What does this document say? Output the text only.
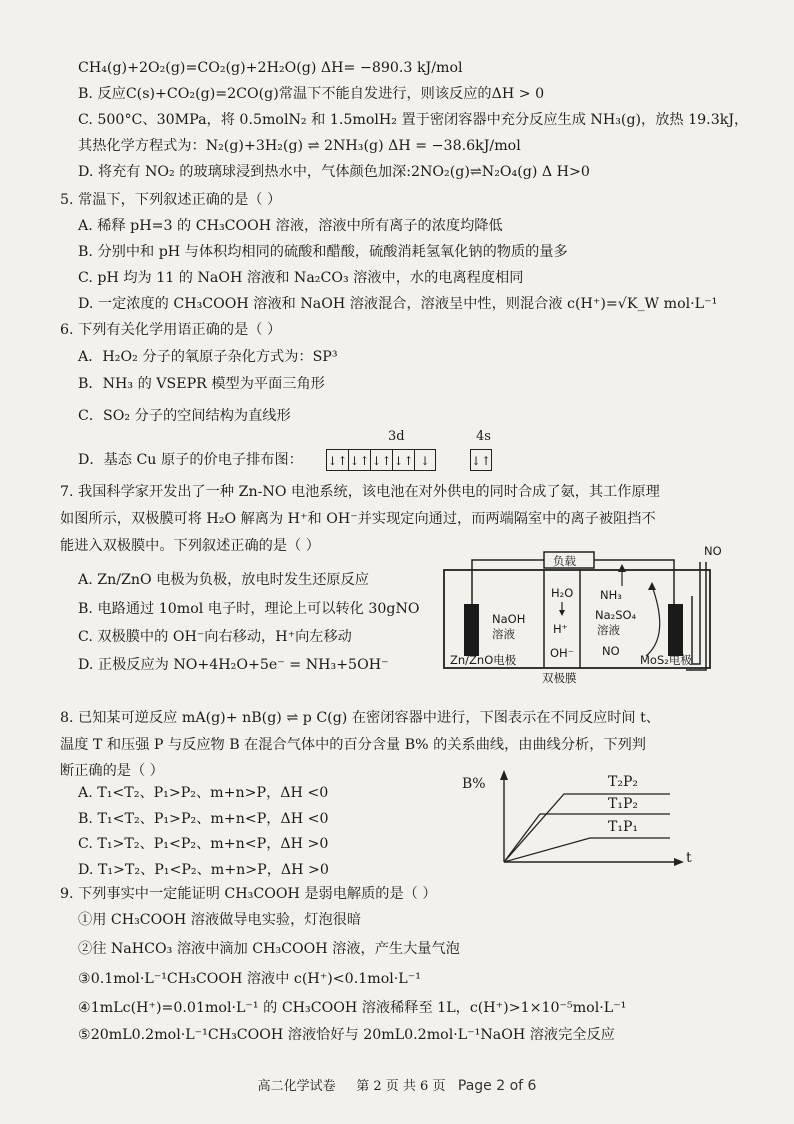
CH₄(g)+2O₂(g)=CO₂(g)+2H₂O(g) ΔH= −890.3 kJ/mol
B. 反应C(s)+CO₂(g)=2CO(g)常温下不能自发进行，则该反应的ΔH > 0
C. 500°C、30MPa，将 0.5molN₂ 和 1.5molH₂ 置于密闭容器中充分反应生成 NH₃(g)，放热 19.3kJ，
其热化学方程式为：N₂(g)+3H₂(g) ⇌ 2NH₃(g) ΔH = −38.6kJ/mol
D. 将充有 NO₂ 的玻璃球浸到热水中，气体颜色加深:2NO₂(g)⇌N₂O₄(g) Δ H>0
5. 常温下，下列叙述正确的是（ ）
A. 稀释 pH=3 的 CH₃COOH 溶液，溶液中所有离子的浓度均降低
B. 分别中和 pH 与体积均相同的硫酸和醋酸，硫酸消耗氢氧化钠的物质的量多
C. pH 均为 11 的 NaOH 溶液和 Na₂CO₃ 溶液中，水的电离程度相同
D. 一定浓度的 CH₃COOH 溶液和 NaOH 溶液混合，溶液呈中性，则混合液 c(H⁺)=√K_W mol·L⁻¹
6. 下列有关化学用语正确的是（ ）
A．H₂O₂ 分子的氧原子杂化方式为：SP³
B．NH₃ 的 VSEPR 模型为平面三角形
C．SO₂ 分子的空间结构为直线形
D．基态 Cu 原子的价电子排布图：
3d	4s
↓↑ ↓↑ ↓↑ ↓↑ ↓	↓↑
7. 我国科学家开发出了一种 Zn-NO 电池系统，该电池在对外供电的同时合成了氨，其工作原理
如图所示，双极膜可将 H₂O 解离为 H⁺和 OH⁻并实现定向通过，而两端隔室中的离子被阻挡不
能进入双极膜中。下列叙述正确的是（ ）
A. Zn/ZnO 电极为负极，放电时发生还原反应
B. 电路通过 10mol 电子时，理论上可以转化 30gNO
C. 双极膜中的 OH⁻向右移动，H⁺向左移动
D. 正极反应为 NO+4H₂O+5e⁻ = NH₃+5OH⁻
负载
NO
NaOH
溶液
H₂O
H⁺
OH⁻
NH₃
Na₂SO₄
溶液
NO
Zn/ZnO电极	MoS₂电极
双极膜
8. 已知某可逆反应 mA(g)+ nB(g) ⇌ p C(g) 在密闭容器中进行，下图表示在不同反应时间 t、
温度 T 和压强 P 与反应物 B 在混合气体中的百分含量 B% 的关系曲线，由曲线分析，下列判
断正确的是（ ）
A. T₁<T₂、P₁>P₂、m+n>P，ΔH <0
B. T₁<T₂、P₁>P₂、m+n<P，ΔH <0
C. T₁>T₂、P₁<P₂、m+n<P，ΔH >0
D. T₁>T₂、P₁<P₂、m+n>P，ΔH >0
B%
t
T₂P₂
T₁P₂
T₁P₁
9. 下列事实中一定能证明 CH₃COOH 是弱电解质的是（ ）
①用 CH₃COOH 溶液做导电实验，灯泡很暗
②往 NaHCO₃ 溶液中滴加 CH₃COOH 溶液，产生大量气泡
③0.1mol·L⁻¹CH₃COOH 溶液中 c(H⁺)<0.1mol·L⁻¹
④1mLc(H⁺)=0.01mol·L⁻¹ 的 CH₃COOH 溶液稀释至 1L，c(H⁺)>1×10⁻⁵mol·L⁻¹
⑤20mL0.2mol·L⁻¹CH₃COOH 溶液恰好与 20mL0.2mol·L⁻¹NaOH 溶液完全反应
高二化学试卷 第 2 页 共 6 页 Page 2 of 6
